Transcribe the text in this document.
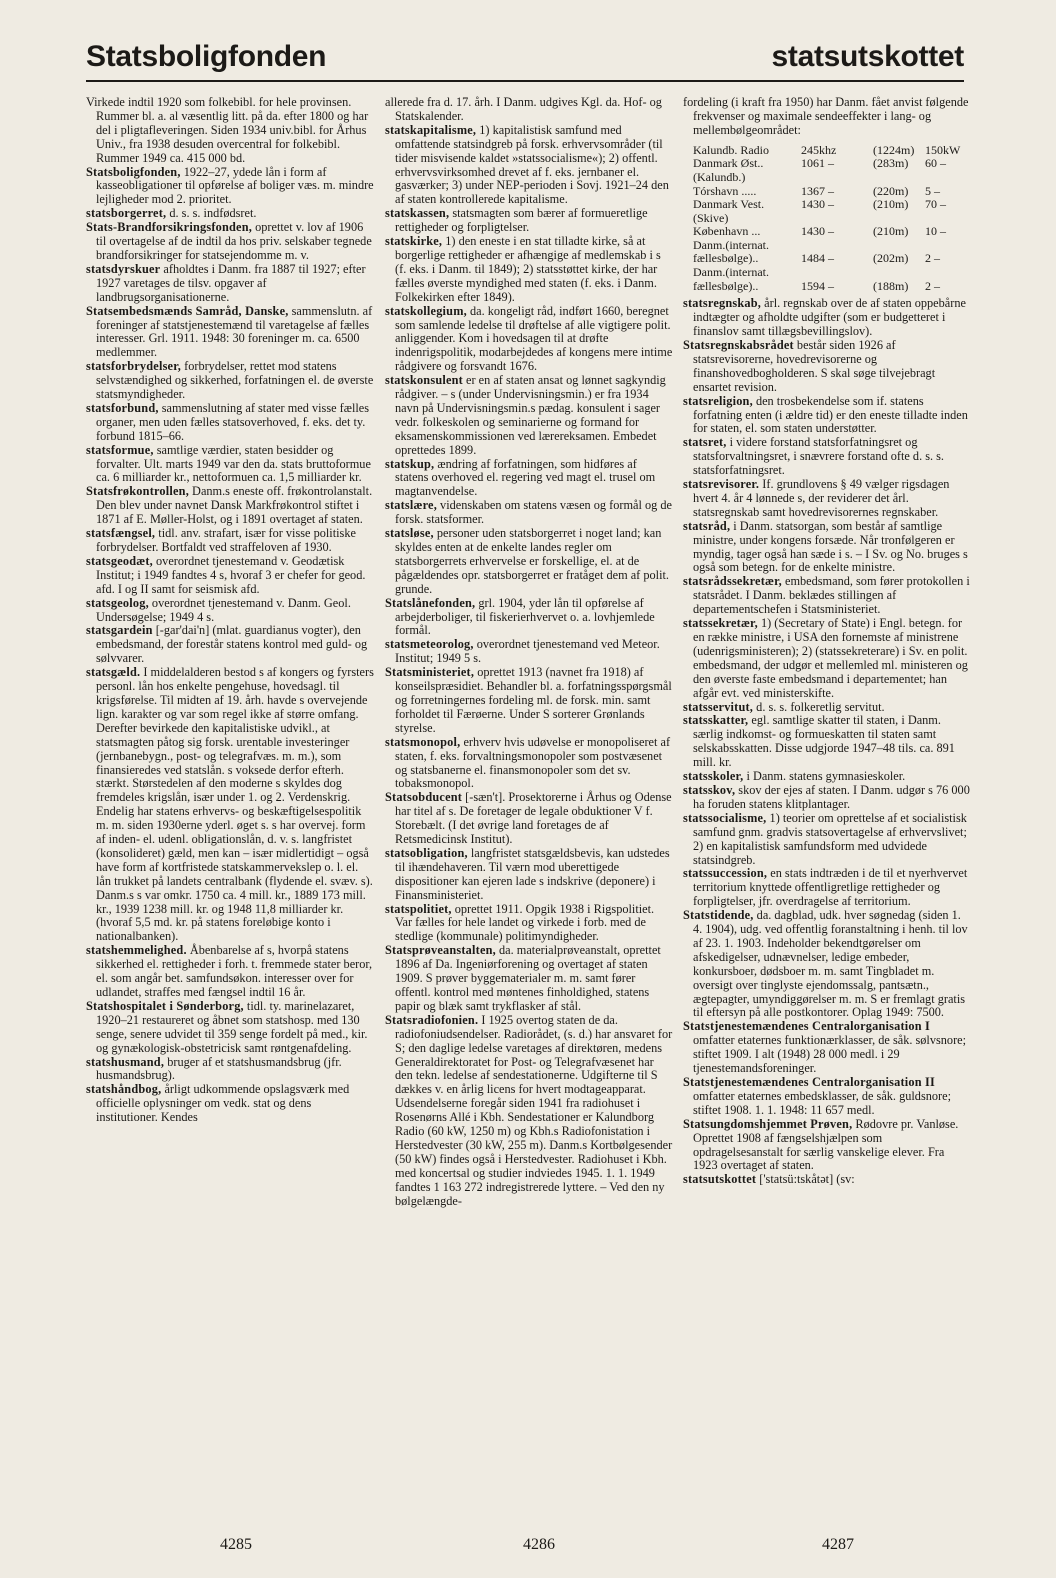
Statsboligfonden	statsutskottet

Virkede indtil 1920 som folkebibl. for hele provinsen. Rummer bl. a. al væsentlig litt. på da. efter 1800 og har del i pligtafleveringen. Siden 1934 univ.bibl. for Århus Univ., fra 1938 desuden overcentral for folkebibl. Rummer 1949 ca. 415 000 bd.

Statsboligfonden, 1922–27, ydede lån i form af kasseobligationer til opførelse af boliger væs. m. mindre lejligheder mod 2. prioritet.

statsborgerret, d. s. s. indfødsret.

Stats-Brandforsikringsfonden, oprettet v. lov af 1906 til overtagelse af de indtil da hos priv. selskaber tegnede brandforsikringer for statsejendomme m. v.

statsdyrskuer afholdtes i Danm. fra 1887 til 1927; efter 1927 varetages de tilsv. opgaver af landbrugsorganisationerne.

Statsembedsmænds Samråd, Danske, sammenslutn. af foreninger af statstjenestemænd til varetagelse af fælles interesser. Grl. 1911. 1948: 30 foreninger m. ca. 6500 medlemmer.

statsforbrydelser, forbrydelser, rettet mod statens selvstændighed og sikkerhed, forfatningen el. de øverste statsmyndigheder.

statsforbund, sammenslutning af stater med visse fælles organer, men uden fælles statsoverhoved, f. eks. det ty. forbund 1815–66.

statsformue, samtlige værdier, staten besidder og forvalter. Ult. marts 1949 var den da. stats bruttoformue ca. 6 milliarder kr., nettoformuen ca. 1,5 milliarder kr.

Statsfrøkontrollen, Danm.s eneste off. frøkontrolanstalt. Den blev under navnet Dansk Markfrøkontrol stiftet i 1871 af E. Møller-Holst, og i 1891 overtaget af staten.

statsfængsel, tidl. anv. strafart, især for visse politiske forbrydelser. Bortfaldt ved straffeloven af 1930.

statsgeodæt, overordnet tjenestemand v. Geodætisk Institut; i 1949 fandtes 4 s, hvoraf 3 er chefer for geod. afd. I og II samt for seismisk afd.

statsgeolog, overordnet tjenestemand v. Danm. Geol. Undersøgelse; 1949 4 s.

statsgardein [-gar'dai'n] (mlat. guardianus vogter), den embedsmand, der forestår statens kontrol med guld- og sølvvarer.

statsgæld. I middelalderen bestod s af kongers og fyrsters personl. lån hos enkelte pengehuse, hovedsagl. til krigsførelse. Til midten af 19. årh. havde s overvejende lign. karakter og var som regel ikke af større omfang. Derefter bevirkede den kapitalistiske udvikl., at statsmagten påtog sig forsk. urentable investeringer (jernbanebygn., post- og telegrafvæs. m. m.), som finansieredes ved statslån. s voksede derfor efterh. stærkt. Størstedelen af den moderne s skyldes dog fremdeles krigslån, især under 1. og 2. Verdenskrig. Endelig har statens erhvervs- og beskæftigelsespolitik m. m. siden 1930erne yderl. øget s. s har overvej. form af inden- el. udenl. obligationslån, d. v. s. langfristet (konsolideret) gæld, men kan – især midlertidigt – også have form af kortfristede statskammervekslер o. l. el. lån trukket på landets centralbank (flydende el. svæv. s). Danm.s s var omkr. 1750 ca. 4 mill. kr., 1889 173 mill. kr., 1939 1238 mill. kr. og 1948 11,8 milliarder kr. (hvoraf 5,5 md. kr. på statens foreløbige konto i nationalbanken).

statshemmelighed. Åbenbarelse af s, hvorpå statens sikkerhed el. rettigheder i forh. t. fremmede stater beror, el. som angår bet. samfundsøkon. interesser over for udlandet, straffes med fængsel indtil 16 år.

Statshospitalet i Sønderborg, tidl. ty. marinelazaret, 1920–21 restaureret og åbnet som statshosp. med 130 senge, senere udvidet til 359 senge fordelt på med., kir. og gynækologisk-obstetricisk samt røntgenafdeling.

statshusmand, bruger af et statshusmandsbrug (jfr. husmandsbrug).

statshåndbog, årligt udkommende opslagsværk med officielle oplysninger om vedk. stat og dens institutioner. Kendes

allerede fra d. 17. årh. I Danm. udgives Kgl. da. Hof- og Statskalender.

statskapitalisme, 1) kapitalistisk samfund med omfattende statsindgreb på forsk. erhvervsområder (til tider misvisende kaldet »statssocialisme«); 2) offentl. erhvervsvirksomhed drevet af f. eks. jernbaner el. gasværker; 3) under NEP-perioden i Sovj. 1921–24 den af staten kontrollerede kapitalisme.

statskassen, statsmagten som bærer af formueretlige rettigheder og forpligtelser.

statskirke, 1) den eneste i en stat tilladte kirke, så at borgerlige rettigheder er afhængige af medlemskab i s (f. eks. i Danm. til 1849); 2) statsstøttet kirke, der har fælles øverste myndighed med staten (f. eks. i Danm. Folkekirken efter 1849).

statskollegium, da. kongeligt råd, indført 1660, beregnet som samlende ledelse til drøftelse af alle vigtigere polit. anliggender. Kom i hovedsagen til at drøfte indenrigspolitik, modarbejdedes af kongens mere intime rådgivere og forsvandt 1676.

statskonsulent er en af staten ansat og lønnet sagkyndig rådgiver. – s (under Undervisningsmin.) er fra 1934 navn på Undervisningsmin.s pædag. konsulent i sager vedr. folkeskolen og seminarierne og formand for eksamenskommissionen ved lærereksamen. Embedet oprettedes 1899.

statskup, ændring af forfatningen, som hidføres af statens overhoved el. regering ved magt el. trusel om magtanvendelse.

statslære, videnskaben om statens væsen og formål og de forsk. statsformer.

statsløse, personer uden statsborgerret i noget land; kan skyldes enten at de enkelte landes regler om statsborgerrets erhvervelse er forskellige, el. at de pågældendes opr. statsborgerret er fratåget dem af polit. grunde.

Statslånefonden, grl. 1904, yder lån til opførelse af arbejderboliger, til fiskerierhvervet o. a. lovhjemlede formål.

statsmeteorolog, overordnet tjenestemand ved Meteor. Institut; 1949 5 s.

Statsministeriet, oprettet 1913 (navnet fra 1918) af konseilspræsidiet. Behandler bl. a. forfatningsspørgsmål og forretningernes fordeling ml. de forsk. min. samt forholdet til Færøerne. Under S sorterer Grønlands styrelse.

statsmonopol, erhverv hvis udøvelse er monopoliseret af staten, f. eks. forvaltningsmonopoler som postvæsenet og statsbanerne el. finansmonopoler som det sv. tobaksmonopol.

Statsobducent [-sæn't]. Prosektorerne i Århus og Odense har titel af s. De foretager de legale obduktioner V f. Storebælt. (I det øvrige land foretages de af Retsmedicinsk Institut).

statsobligation, langfristet statsgældsbevis, kan udstedes til ihændehaveren. Til værn mod uberettigede dispositioner kan ejeren lade s indskrive (deponere) i Finansministeriet.

statspolitiet, oprettet 1911. Opgik 1938 i Rigspolitiet. Var fælles for hele landet og virkede i forb. med de stedlige (kommunale) politimyndigheder.

Statsprøveanstalten, da. materialprøveanstalt, oprettet 1896 af Da. Ingeniørforening og overtaget af staten 1909. S prøver byggematerialer m. m. samt fører offentl. kontrol med møntenes finholdighed, statens papir og blæk samt trykflasker af stål.

Statsradiofonien. I 1925 overtog staten de da. radiofoniudsendelser. Radiorådet, (s. d.) har ansvaret for S; den daglige ledelse varetages af direktøren, medens Generaldirektoratet for Post- og Telegrafvæsenet har den tekn. ledelse af sendestationerne. Udgifterne til S dækkes v. en årlig licens for hvert modtageapparat. Udsendelserne foregår siden 1941 fra radiohuset i Rosenørns Allé i Kbh. Sendestationer er Kalundborg Radio (60 kW, 1250 m) og Kbh.s Radiofonistation i Herstedvester (30 kW, 255 m). Danm.s Kortbølgesender (50 kW) findes også i Herstedvester. Radiohuset i Kbh. med koncertsal og studier indviedes 1945. 1. 1. 1949 fandtes 1 163 272 indregistrerede lyttere. – Ved den ny bølgelængde-

fordeling (i kraft fra 1950) har Danm. fået anvist følgende frekvenser og maximale sendeeffekter i lang- og mellembølgeområdet:

Kalundb. Radio	245khz	(1224m) 150kW
Danmark Øst..	1061 –	(283m)	60 –
(Kalundb.)
Tórshavn .....	1367 –	(220m)	5 –
Danmark Vest.	1430 –	(210m)	70 –
(Skive)
København ...	1430 –	(210m)	10 –
Danm.(internat.
fællesbølge)..	1484 –	(202m)	2 –
Danm.(internat.
fællesbølge)..	1594 –	(188m)	2 –

statsregnskab, årl. regnskab over de af staten oppebårne indtægter og afholdte udgifter (som er budgetteret i finanslov samt tillægsbevillingslov).

Statsregnskabsrådet består siden 1926 af statsrevisorerne, hovedrevisorerne og finanshovedbogholderen. S skal søge tilvejebragt ensartet revision.

statsreligion, den trosbekendelse som if. statens forfatning enten (i ældre tid) er den eneste tilladte inden for staten, el. som staten understøtter.

statsret, i videre forstand statsforfatningsret og statsforvaltningsret, i snævrere forstand ofte d. s. s. statsforfatningsret.

statsrevisorer. If. grundlovens § 49 vælger rigsdagen hvert 4. år 4 lønnede s, der reviderer det årl. statsregnskab samt hovedrevisorernes regnskaber.

statsråd, i Danm. statsorgan, som består af samtlige ministre, under kongens forsæde. Når tronfølgeren er myndig, tager også han sæde i s. – I Sv. og No. bruges s også som betegn. for de enkelte ministre.

statsrådssekretær, embedsmand, som fører protokollen i statsrådet. I Danm. beklædes stillingen af departementschefen i Statsministeriet.

statssekretær, 1) (Secretary of State) i Engl. betegn. for en række ministre, i USA den fornemste af ministrene (udenrigsministeren); 2) (statssekreterare) i Sv. en polit. embedsmand, der udgør et mellemled ml. ministeren og den øverste faste embedsmand i departementet; han afgår evt. ved ministerskifte.

statsservitut, d. s. s. folkeretlig servitut.

statsskatter, egl. samtlige skatter til staten, i Danm. særlig indkomst- og formueskatten til staten samt selskabsskatten. Disse udgjorde 1947–48 tils. ca. 891 mill. kr.

statsskoler, i Danm. statens gymnasieskoler.

statsskov, skov der ejes af staten. I Danm. udgør s 76 000 ha foruden statens klitplantager.

statssocialisme, 1) teorier om oprettelse af et socialistisk samfund gnm. gradvis statsovertagelse af erhvervslivet; 2) en kapitalistisk samfundsform med udvidede statsindgreb.

statssuccession, en stats indtræden i de til et nyerhvervet territorium knyttede offentligretlige rettigheder og forpligtelser, jfr. overdragelse af territorium.

Statstidende, da. dagblad, udk. hver søgnedag (siden 1. 4. 1904), udg. ved offentlig foranstaltning i henh. til lov af 23. 1. 1903. Indeholder bekendtgørelser om afskedigelser, udnævnelser, ledige embeder, konkursboer, dødsboer m. m. samt Tingbladet m. oversigt over tinglyste ejendomssalg, pantsætn., ægtepagter, umyndiggørelser m. m. S er fremlagt gratis til eftersyn på alle postkontorer. Oplag 1949: 7500.

Statstjenestemændenes Centralorganisation I omfatter etaternes funktionærklasser, de såk. sølvsnore; stiftet 1909. I alt (1948) 28 000 medl. i 29 tjenestemandsforeninger.

Statstjenestemændenes Centralorganisation II omfatter etaternes embedsklasser, de såk. guldsnore; stiftet 1908. 1. 1. 1948: 11 657 medl.

Statsungdomshjemmet Prøven, Rødovre pr. Vanløse. Oprettet 1908 af fængselshjælpen som opdragelsesanstalt for særlig vanskelige elever. Fra 1923 overtaget af staten.

statsutskottet ['statsü:tskåtət] (sv:

4285	4286	4287
